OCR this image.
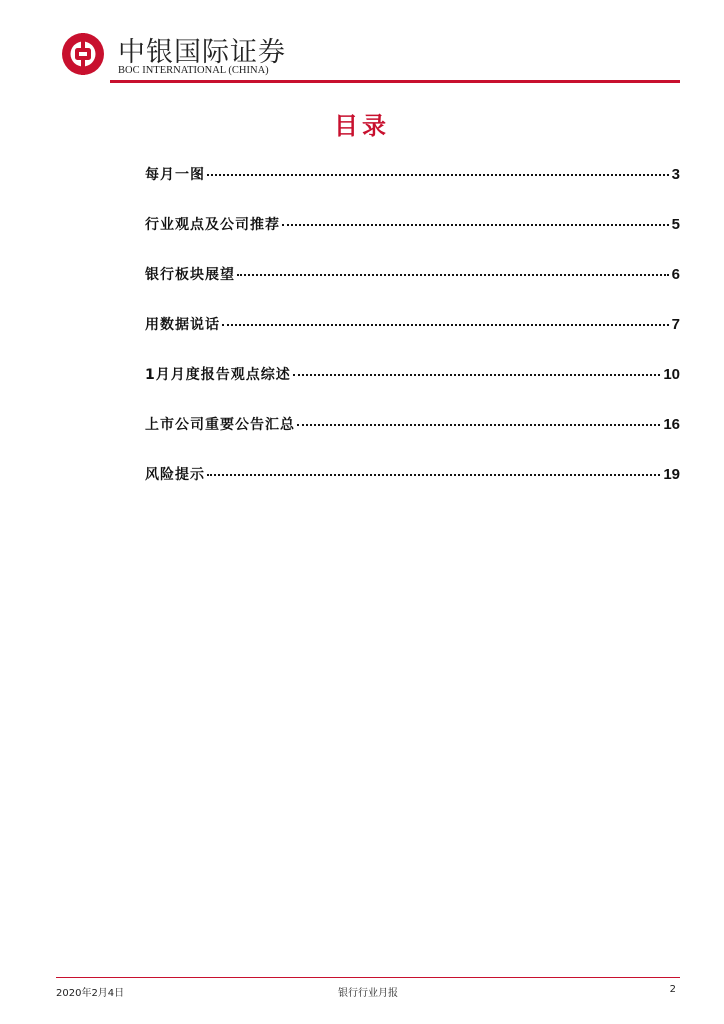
中银国际证券
BOC INTERNATIONAL (CHINA)
目录
每月一图	3
行业观点及公司推荐	5
银行板块展望	6
用数据说话	7
1月月度报告观点综述	10
上市公司重要公告汇总	16
风险提示	19
2020年2月4日	银行行业月报	2
